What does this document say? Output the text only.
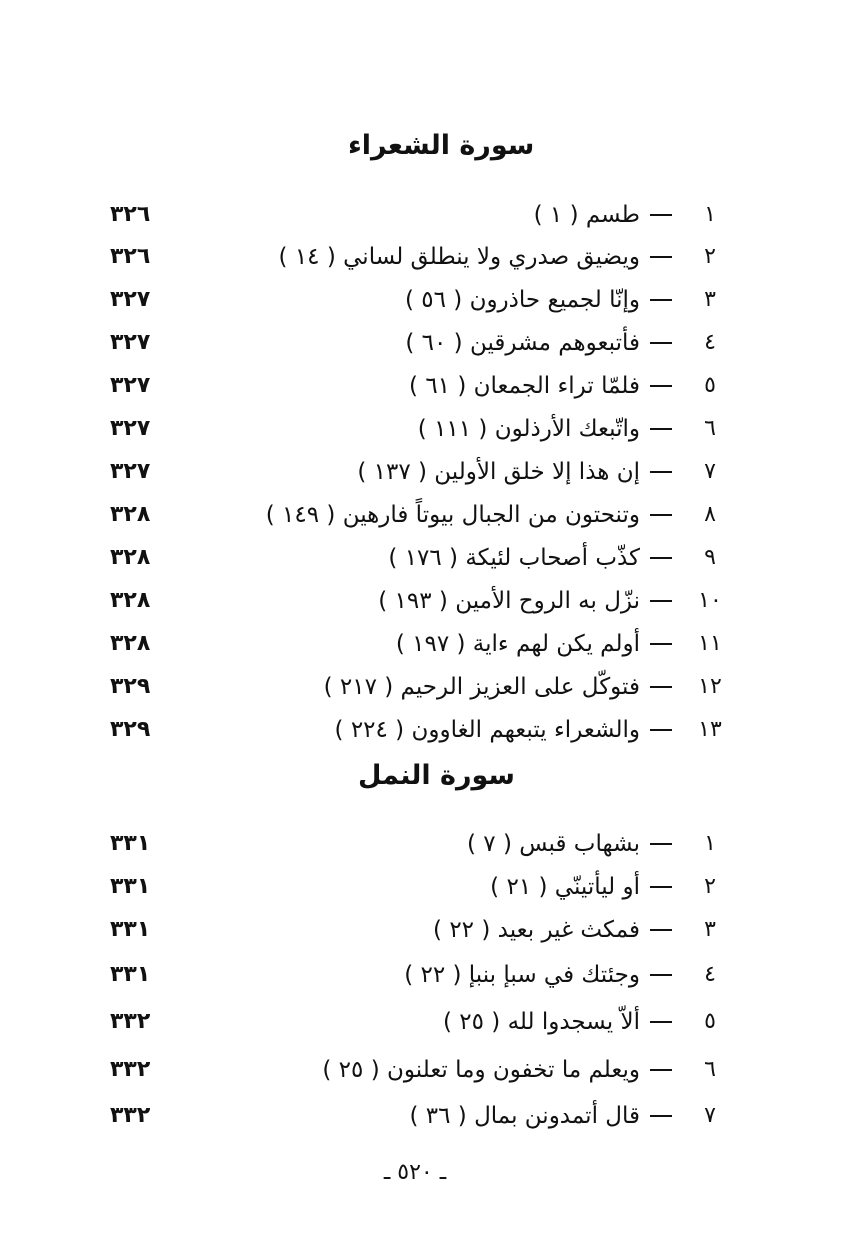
سورة الشعراء
١
طسم ( ١ )
٣٢٦
٢
ويضيق صدري ولا ينطلق لساني ( ١٤ )
٣٢٦
٣
وإنّا لجميع حاذرون ( ٥٦ )
٣٢٧
٤
فأتبعوهم مشرقين ( ٦٠ )
٣٢٧
٥
فلمّا تراء الجمعان ( ٦١ )
٣٢٧
٦
واتّبعك الأرذلون ( ١١١ )
٣٢٧
٧
إن هذا إلا خلق الأولين ( ١٣٧ )
٣٢٧
٨
وتنحتون من الجبال بيوتاً فارهين ( ١٤٩ )
٣٢٨
٩
كذّب أصحاب لئيكة ( ١٧٦ )
٣٢٨
١٠
نزّل به الروح الأمين ( ١٩٣ )
٣٢٨
١١
أولم يكن لهم ءاية ( ١٩٧ )
٣٢٨
١٢
فتوكّل على العزيز الرحيم ( ٢١٧ )
٣٢٩
١٣
والشعراء يتبعهم الغاوون ( ٢٢٤ )
٣٢٩
سورة النمل
١
بشهاب قبس ( ٧ )
٣٣١
٢
أو ليأتينّي ( ٢١ )
٣٣١
٣
فمكث غير بعيد ( ٢٢ )
٣٣١
٤
وجئتك في سبإ بنبإ ( ٢٢ )
٣٣١
٥
ألاّ يسجدوا لله ( ٢٥ )
٣٣٢
٦
ويعلم ما تخفون وما تعلنون ( ٢٥ )
٣٣٢
٧
قال أتمدونن بمال ( ٣٦ )
٣٣٢
ـ ٥٢٠ ـ
